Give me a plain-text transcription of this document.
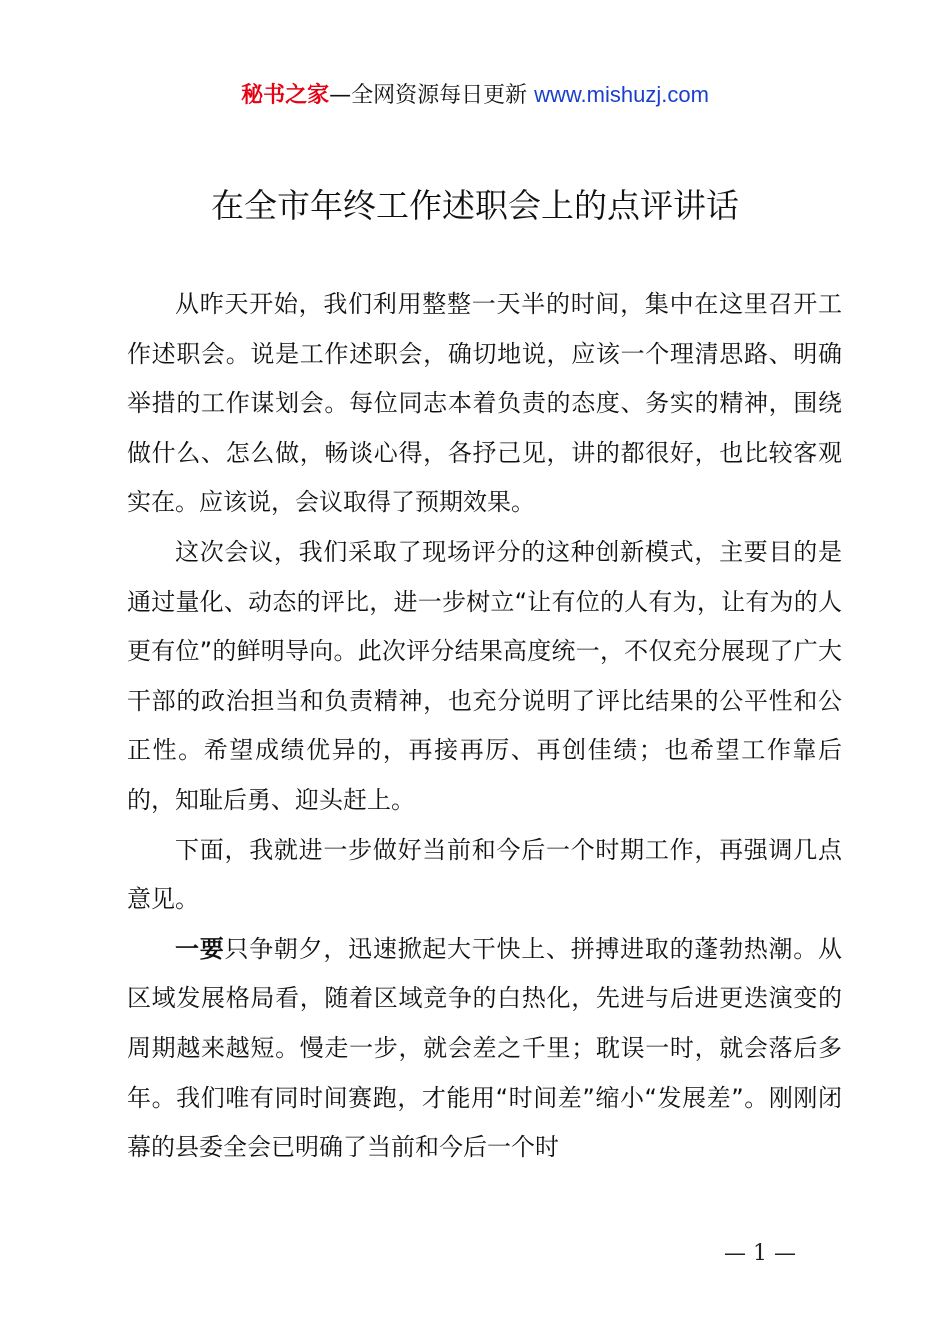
秘书之家—全网资源每日更新 www.mishuzj.com
在全市年终工作述职会上的点评讲话

从昨天开始，我们利用整整一天半的时间，集中在这里召开工作述职会。说是工作述职会，确切地说，应该一个理清思路、明确举措的工作谋划会。每位同志本着负责的态度、务实的精神，围绕做什么、怎么做，畅谈心得，各抒己见，讲的都很好，也比较客观实在。应该说，会议取得了预期效果。

这次会议，我们采取了现场评分的这种创新模式，主要目的是通过量化、动态的评比，进一步树立“让有位的人有为，让有为的人更有位”的鲜明导向。此次评分结果高度统一，不仅充分展现了广大干部的政治担当和负责精神，也充分说明了评比结果的公平性和公正性。希望成绩优异的，再接再厉、再创佳绩；也希望工作靠后的，知耻后勇、迎头赶上。

下面，我就进一步做好当前和今后一个时期工作，再强调几点意见。

一要只争朝夕，迅速掀起大干快上、拼搏进取的蓬勃热潮。从区域发展格局看，随着区域竞争的白热化，先进与后进更迭演变的周期越来越短。慢走一步，就会差之千里；耽误一时，就会落后多年。我们唯有同时间赛跑，才能用“时间差”缩小“发展差”。刚刚闭幕的县委全会已明确了当前和今后一个时

— 1 —
